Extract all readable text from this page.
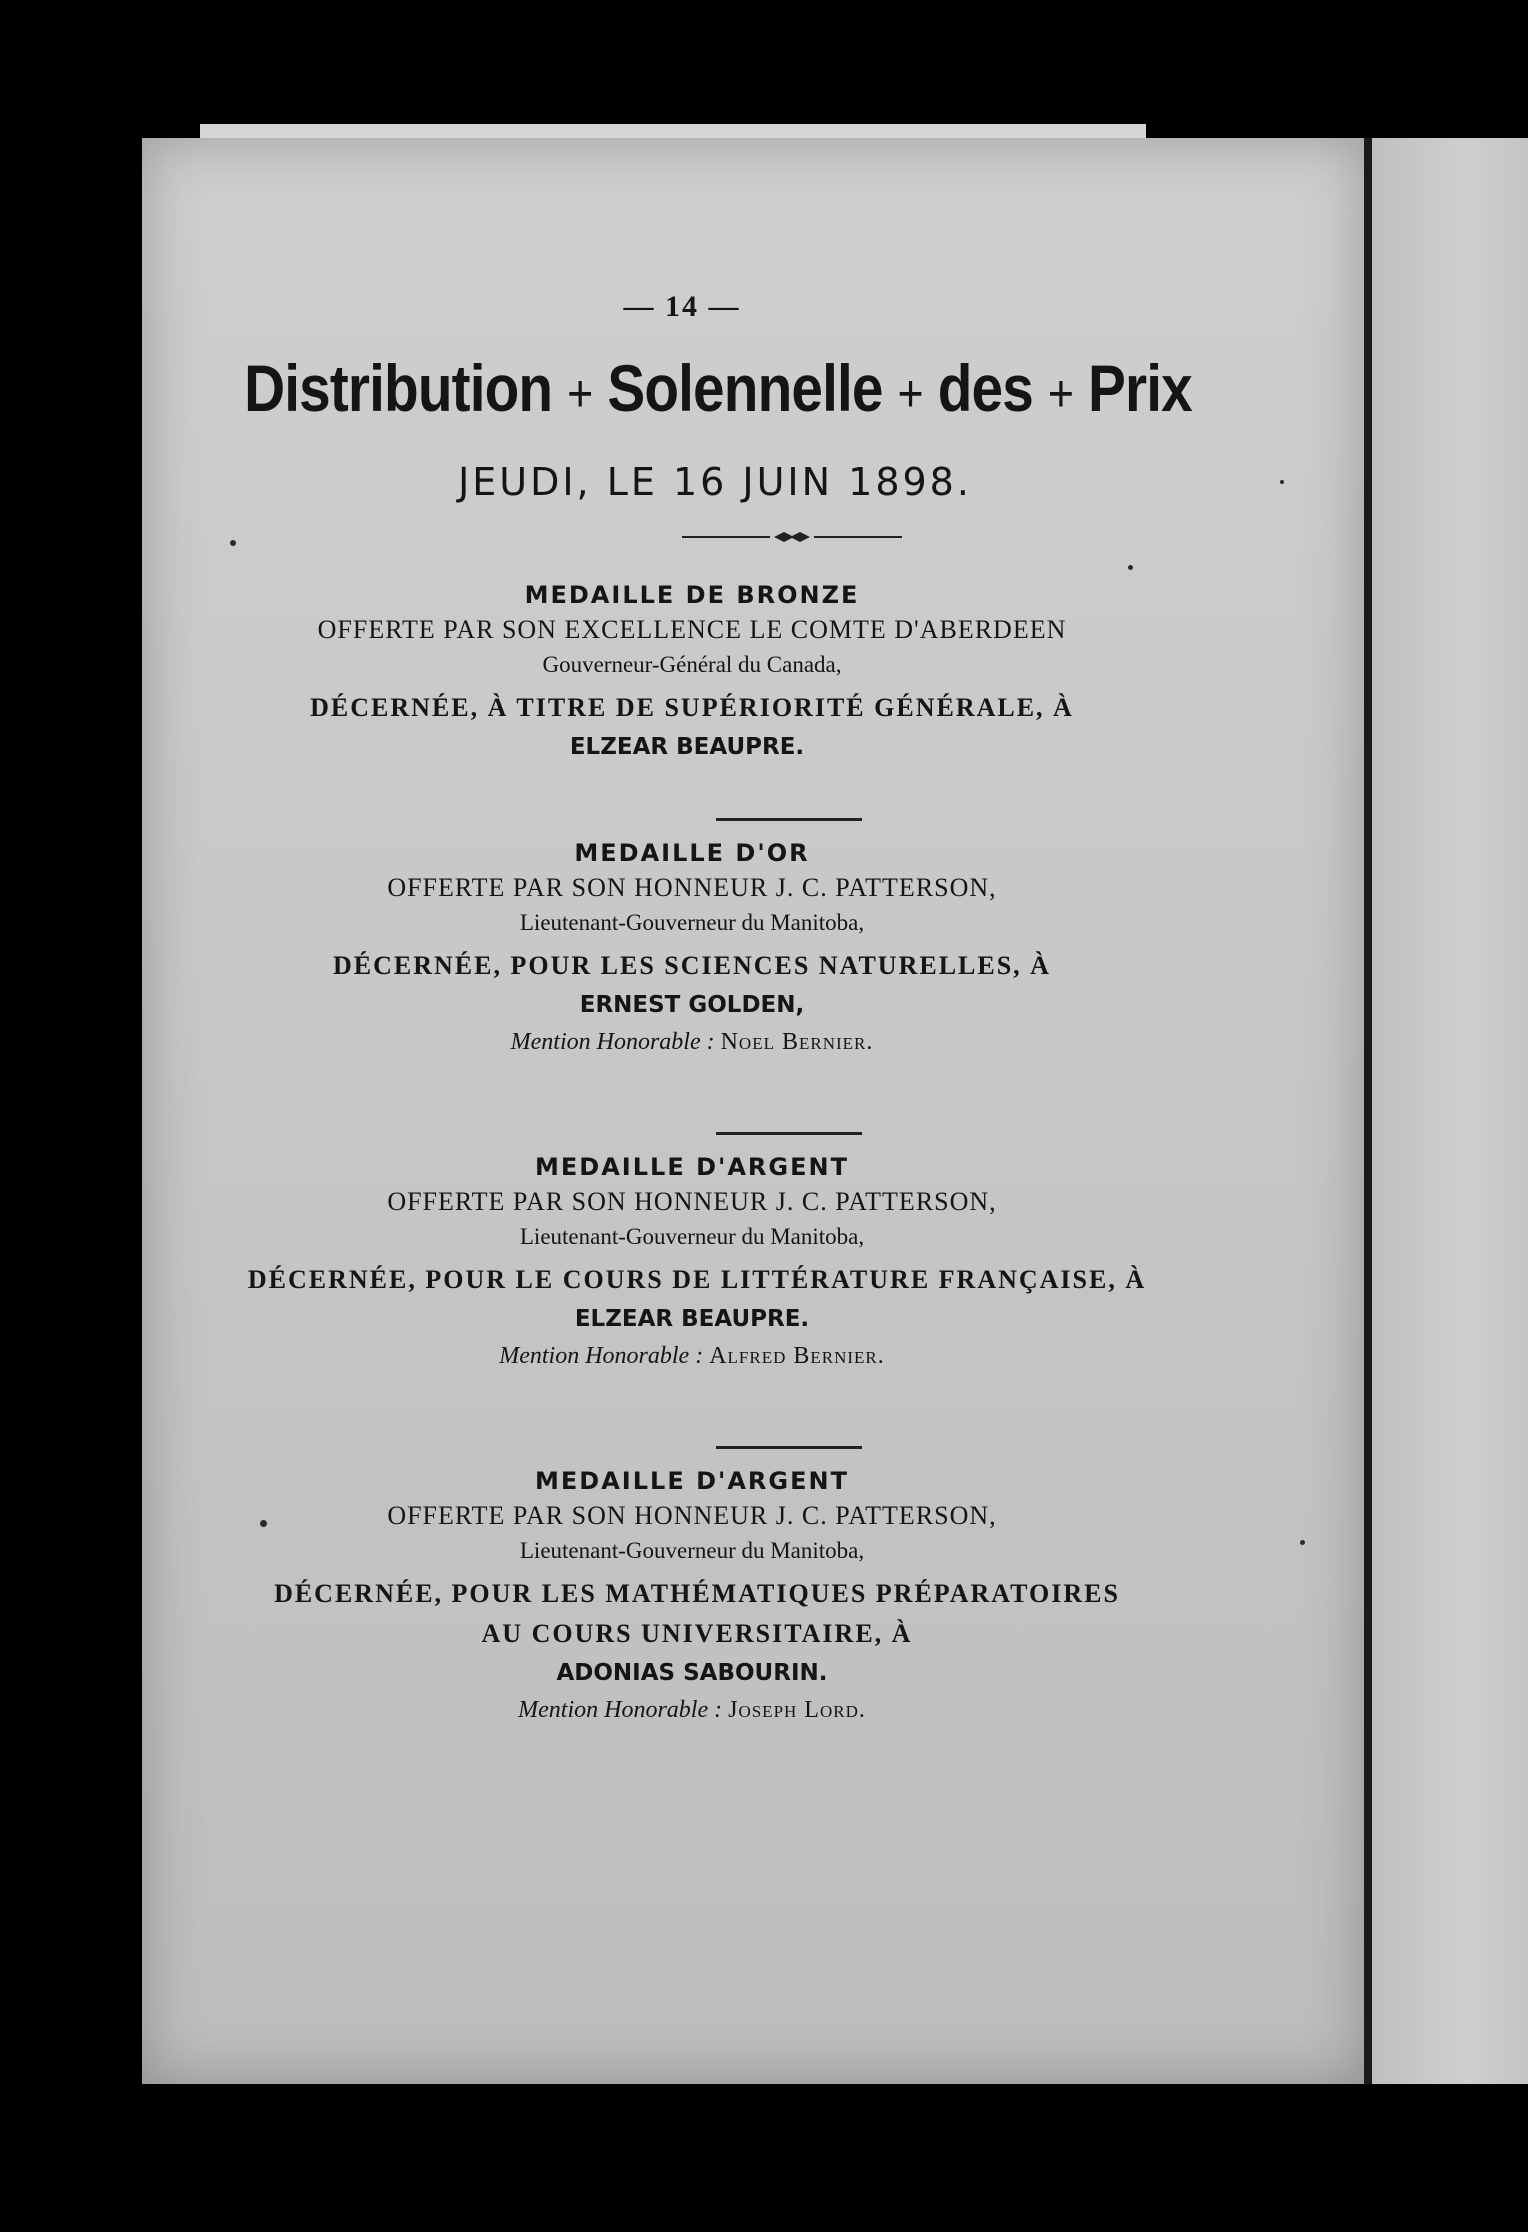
— 14 —
Distribution + Solennelle + des + Prix
JEUDI, LE 16 JUIN 1898.
MEDAILLE DE BRONZE
OFFERTE PAR SON EXCELLENCE LE COMTE D'ABERDEEN
Gouverneur-Général du Canada,
DÉCERNÉE, À TITRE DE SUPÉRIORITÉ GÉNÉRALE, À
ELZEAR BEAUPRE.
MEDAILLE D'OR
OFFERTE PAR SON HONNEUR J. C. PATTERSON,
Lieutenant-Gouverneur du Manitoba,
DÉCERNÉE, POUR LES SCIENCES NATURELLES, À
ERNEST GOLDEN,
Mention Honorable : Noel Bernier.
MEDAILLE D'ARGENT
OFFERTE PAR SON HONNEUR J. C. PATTERSON,
Lieutenant-Gouverneur du Manitoba,
DÉCERNÉE, POUR LE COURS DE LITTÉRATURE FRANÇAISE, À
ELZEAR BEAUPRE.
Mention Honorable : Alfred Bernier.
MEDAILLE D'ARGENT
OFFERTE PAR SON HONNEUR J. C. PATTERSON,
Lieutenant-Gouverneur du Manitoba,
DÉCERNÉE, POUR LES MATHÉMATIQUES PRÉPARATOIRES
AU COURS UNIVERSITAIRE, À
ADONIAS SABOURIN.
Mention Honorable : Joseph Lord.
